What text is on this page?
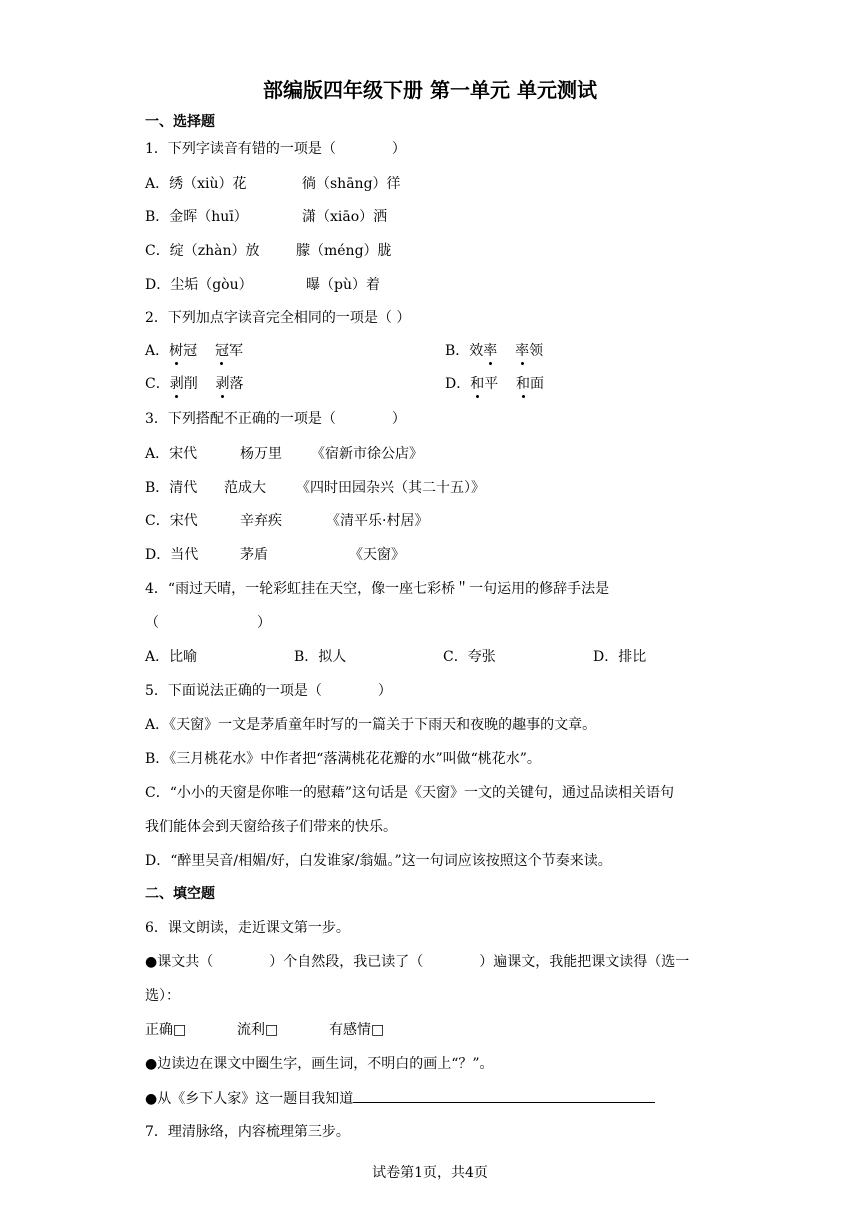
部编版四年级下册 第一单元 单元测试
一、选择题
1．下列字读音有错的一项是（　　　　）
A．绣（xiù）花	徜（shāng）徉
B．金晖（huī）	潇（xiāo）洒
C．绽（zhàn）放	朦（méng）胧
D．尘垢（gòu）	曝（pù）着
2．下列加点字读音完全相同的一项是（ ）
A．树冠 冠军	B．效率 率领
C．剥削 剥落	D．和平 和面
3．下列搭配不正确的一项是（　　　　）
A．宋代	杨万里 《宿新市徐公店》
B．清代 范成大 《四时田园杂兴（其二十五）》
C．宋代	辛弃疾	《清平乐·村居》
D．当代	茅盾	《天窗》
4．“雨过天晴，一轮彩虹挂在天空，像一座七彩桥＂一句运用的修辞手法是
（　　　　　　　）
A．比喻	B．拟人	C．夸张	D．排比
5．下面说法正确的一项是（　　　　）
A．《天窗》一文是茅盾童年时写的一篇关于下雨天和夜晚的趣事的文章。
B．《三月桃花水》中作者把“落满桃花花瓣的水”叫做“桃花水”。
C．“小小的天窗是你唯一的慰藉”这句话是《天窗》一文的关键句，通过品读相关语句
我们能体会到天窗给孩子们带来的快乐。
D．“醉里吴音/相媚/好，白发谁家/翁媪。”这一句词应该按照这个节奏来读。
二、填空题
6．课文朗读，走近课文第一步。
●课文共（　　　　）个自然段，我已读了（　　　　）遍课文，我能把课文读得（选一
选）：
正确□	流利□	有感情□
●边读边在课文中圈生字，画生词，不明白的画上“？”。
●从《乡下人家》这一题目我知道
7．理清脉络，内容梳理第三步。
试卷第1页，共4页
